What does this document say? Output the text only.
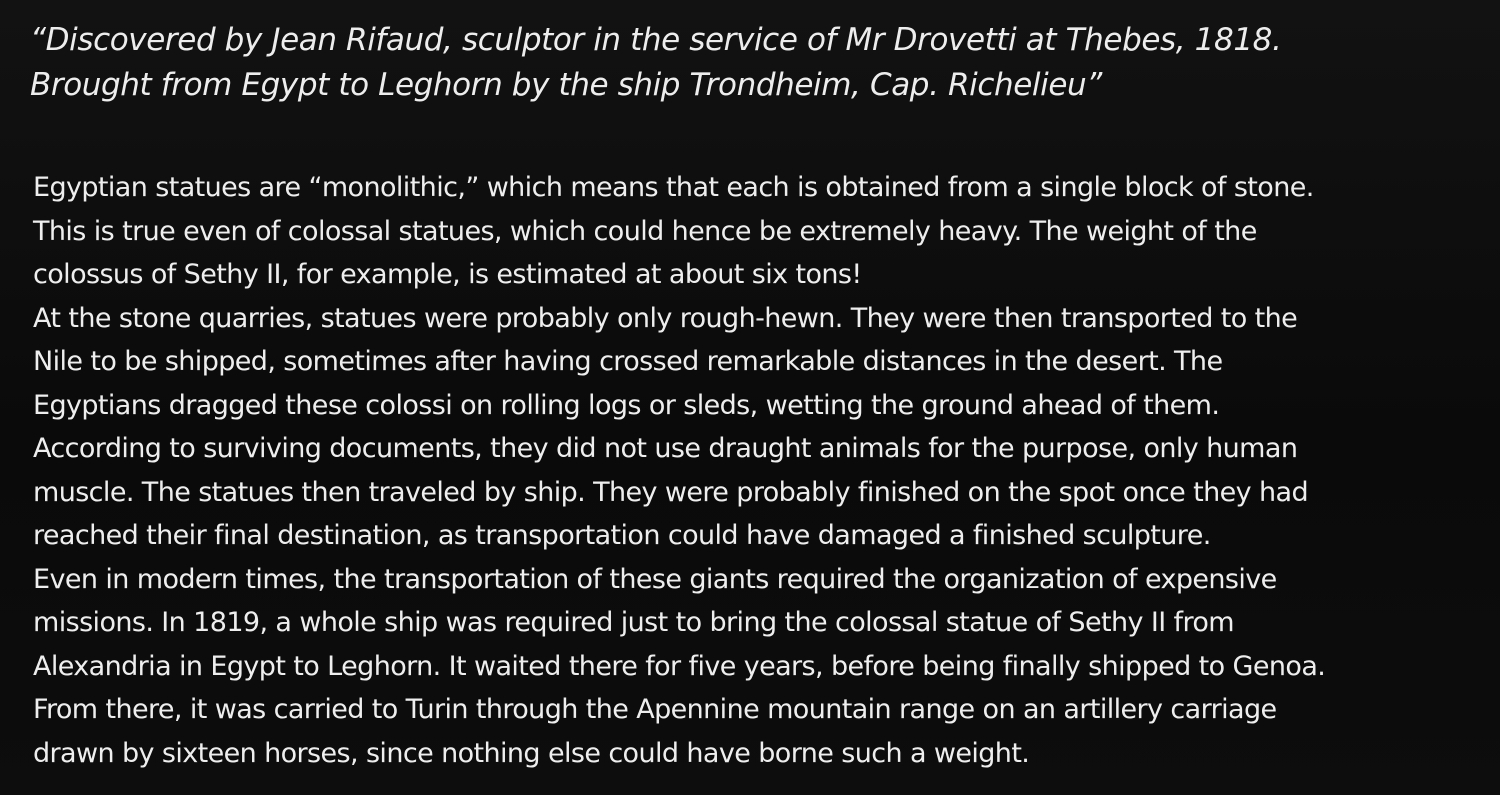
“Discovered by Jean Rifaud, sculptor in the service of Mr Drovetti at Thebes, 1818.
Brought from Egypt to Leghorn by the ship Trondheim, Cap. Richelieu”
Egyptian statues are “monolithic,” which means that each is obtained from a single block of stone.
This is true even of colossal statues, which could hence be extremely heavy. The weight of the
colossus of Sethy II, for example, is estimated at about six tons!
At the stone quarries, statues were probably only rough-hewn. They were then transported to the
Nile to be shipped, sometimes after having crossed remarkable distances in the desert. The
Egyptians dragged these colossi on rolling logs or sleds, wetting the ground ahead of them.
According to surviving documents, they did not use draught animals for the purpose, only human
muscle. The statues then traveled by ship. They were probably finished on the spot once they had
reached their final destination, as transportation could have damaged a finished sculpture.
Even in modern times, the transportation of these giants required the organization of expensive
missions. In 1819, a whole ship was required just to bring the colossal statue of Sethy II from
Alexandria in Egypt to Leghorn. It waited there for five years, before being finally shipped to Genoa.
From there, it was carried to Turin through the Apennine mountain range on an artillery carriage
drawn by sixteen horses, since nothing else could have borne such a weight.
